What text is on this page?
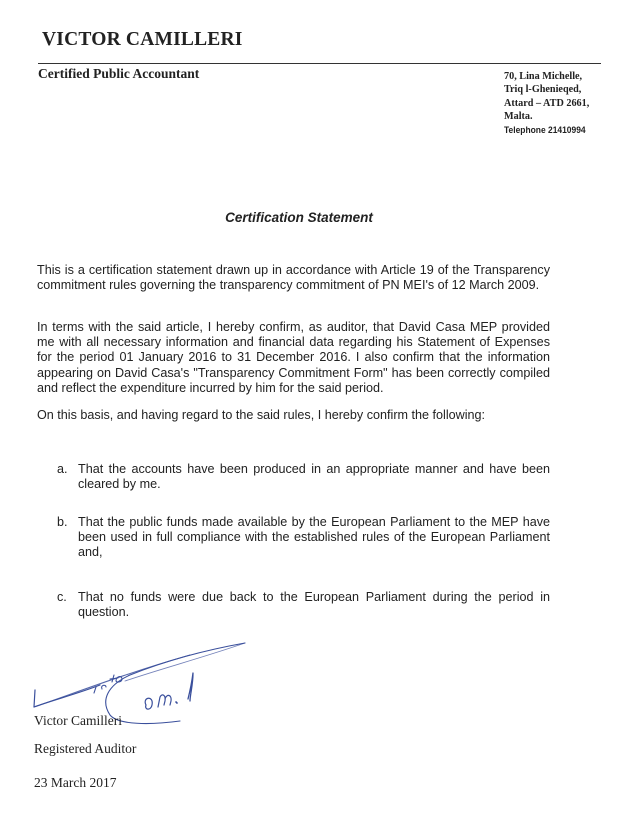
VICTOR CAMILLERI
Certified Public Accountant	70, Lina Michelle,
Triq l-Ghenieqed,
Attard – ATD 2661,
Malta.
Telephone 21410994
Certification Statement
This is a certification statement drawn up in accordance with Article 19 of the Transparency commitment rules governing the transparency commitment of PN MEI's of 12 March 2009.
In terms with the said article, I hereby confirm, as auditor, that David Casa MEP provided me with all necessary information and financial data regarding his Statement of Expenses for the period 01 January 2016 to 31 December 2016. I also confirm that the information appearing on David Casa's "Transparency Commitment Form" has been correctly compiled and reflect the expenditure incurred by him for the said period.
On this basis, and having regard to the said rules, I hereby confirm the following:
a. That the accounts have been produced in an appropriate manner and have been cleared by me.
b. That the public funds made available by the European Parliament to the MEP have been used in full compliance with the established rules of the European Parliament and,
c. That no funds were due back to the European Parliament during the period in question.
Victor Camilleri
Registered Auditor
23 March 2017
